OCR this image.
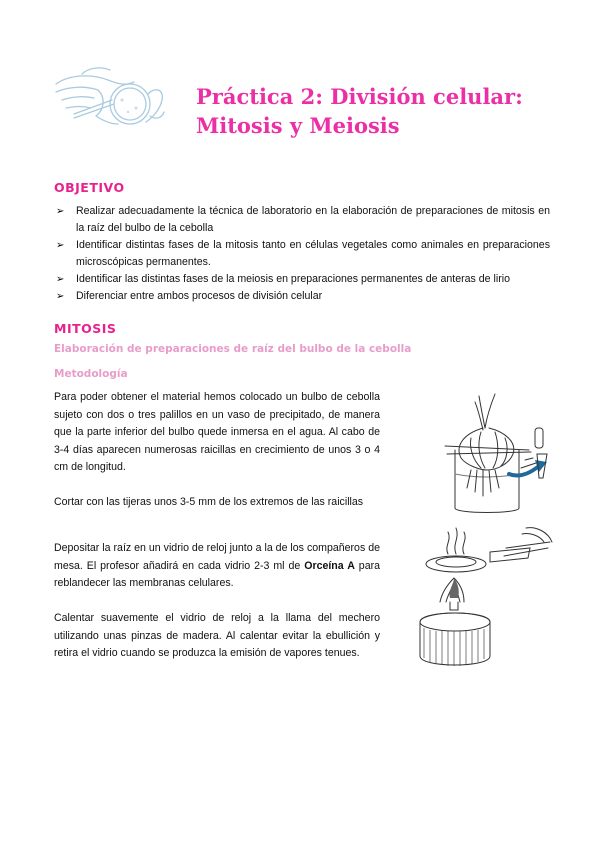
Práctica 2: División celular:
Mitosis y Meiosis
OBJETIVO
➢ Realizar adecuadamente la técnica de laboratorio en la elaboración de preparaciones de mitosis en la raíz del bulbo de la cebolla
➢ Identificar distintas fases de la mitosis tanto en células vegetales como animales en preparaciones microscópicas permanentes.
➢ Identificar las distintas fases de la meiosis en preparaciones permanentes de anteras de lirio
➢ Diferenciar entre ambos procesos de división celular
MITOSIS
Elaboración de preparaciones de raíz del bulbo de la cebolla
Metodología

Para poder obtener el material hemos colocado un bulbo de cebolla sujeto con dos o tres palillos en un vaso de precipitado, de manera que la parte inferior del bulbo quede inmersa en el agua. Al cabo de 3-4 días aparecen numerosas raicillas en crecimiento de unos 3 o 4 cm de longitud.

Cortar con las tijeras unos 3-5 mm de los extremos de las raicillas

Depositar la raíz en un vidrio de reloj junto a la de los compañeros de mesa. El profesor añadirá en cada vidrio 2-3 ml de Orceína A para reblandecer las membranas celulares.

Calentar suavemente el vidrio de reloj a la llama del mechero utilizando unas pinzas de madera. Al calentar evitar la ebullición y retira el vidrio cuando se produzca la emisión de vapores tenues.
